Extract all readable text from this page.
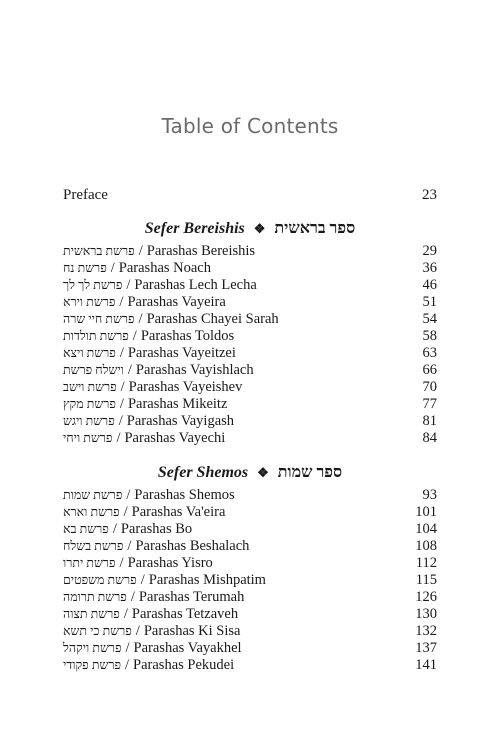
Table of Contents
Preface	23
Sefer Bereishis ❖ ספר בראשית
פרשת בראשית / Parashas Bereishis	29
פרשת נח / Parashas Noach	36
פרשת לך לך / Parashas Lech Lecha	46
פרשת וירא / Parashas Vayeira	51
פרשת חיי שרה / Parashas Chayei Sarah	54
פרשת תולדות / Parashas Toldos	58
פרשת ויצא / Parashas Vayeitzei	63
וישלח פרשת / Parashas Vayishlach	66
פרשת וישב / Parashas Vayeishev	70
פרשת מקץ / Parashas Mikeitz	77
פרשת ויגש / Parashas Vayigash	81
פרשת ויחי / Parashas Vayechi	84
Sefer Shemos ❖ ספר שמות
פרשת שמות / Parashas Shemos	93
פרשת וארא / Parashas Va'eira	101
פרשת בא / Parashas Bo	104
פרשת בשלח / Parashas Beshalach	108
פרשת יתרו / Parashas Yisro	112
פרשת משפטים / Parashas Mishpatim	115
פרשת תרומה / Parashas Terumah	126
פרשת תצוה / Parashas Tetzaveh	130
פרשת כי תשא / Parashas Ki Sisa	132
פרשת ויקהל / Parashas Vayakhel	137
פרשת פקודי / Parashas Pekudei	141
